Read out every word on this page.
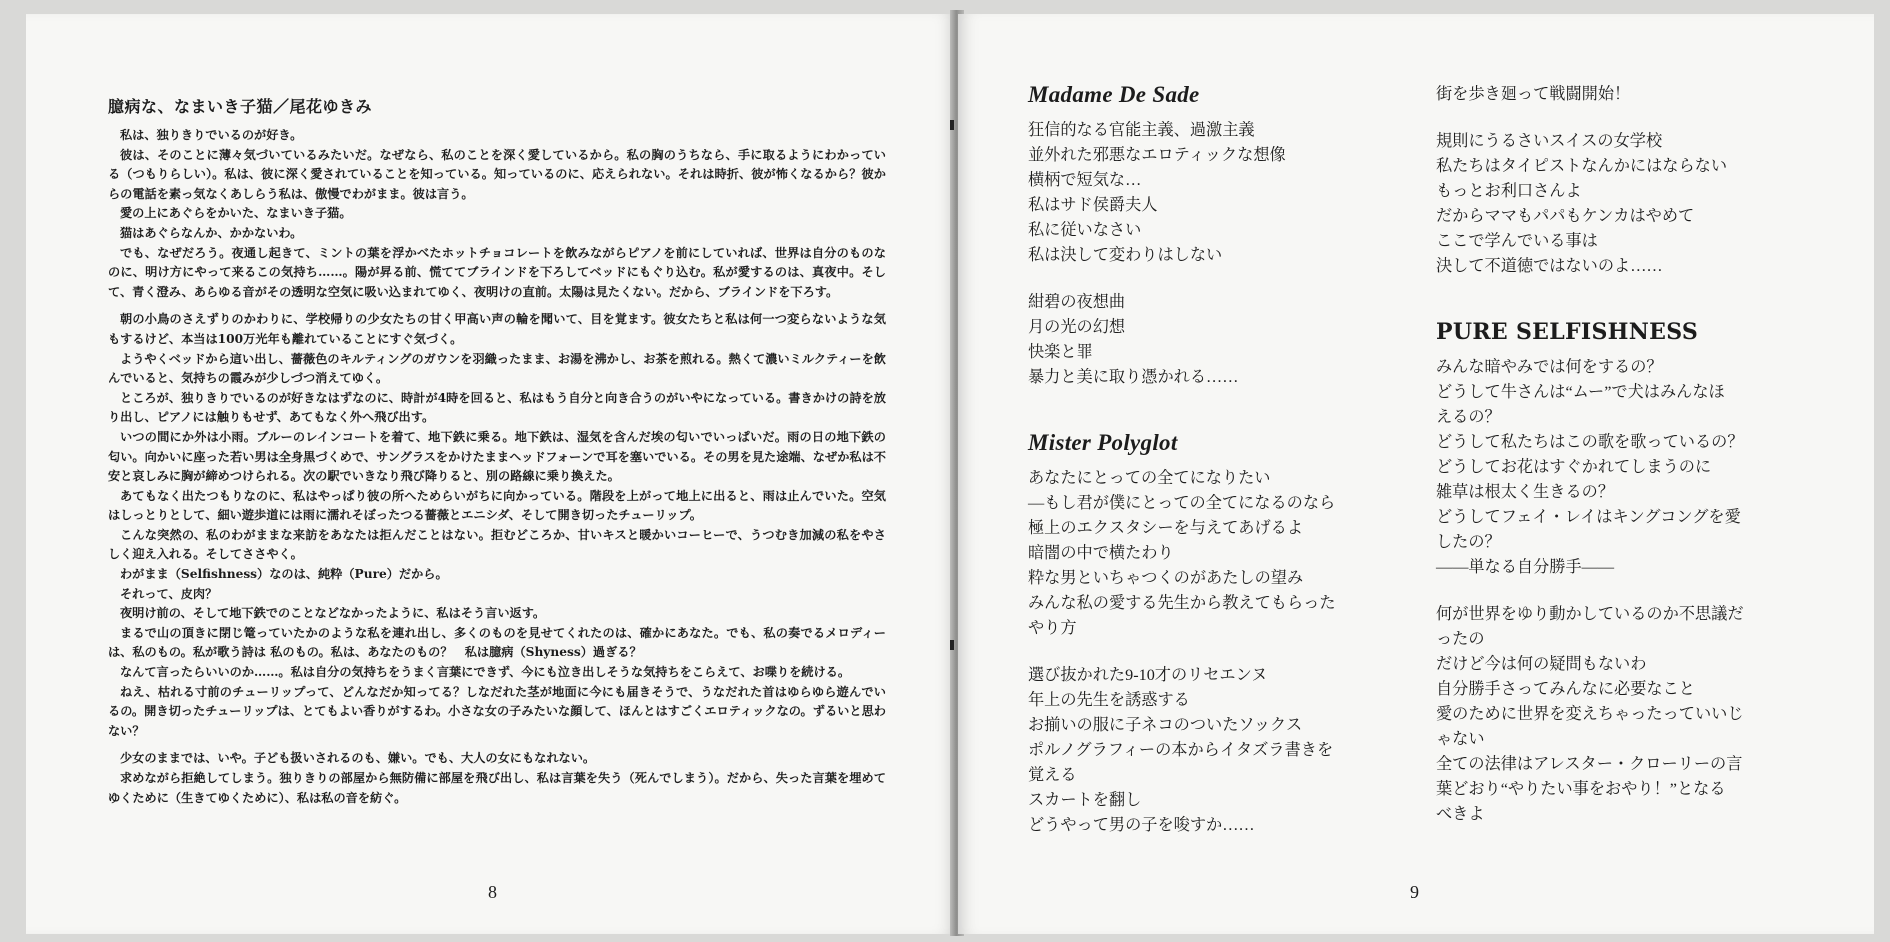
臆病な、なまいき子猫／尾花ゆきみ

私は、独りきりでいるのが好き。

彼は、そのことに薄々気づいているみたいだ。なぜなら、私のことを深く愛しているから。私の胸のうちなら、手に取るようにわかっている（つもりらしい）。私は、彼に深く愛されていることを知っている。知っているのに、応えられない。それは時折、彼が怖くなるから？彼からの電話を素っ気なくあしらう私は、傲慢でわがまま。彼は言う。

愛の上にあぐらをかいた、なまいき子猫。

猫はあぐらなんか、かかないわ。

でも、なぜだろう。夜通し起きて、ミントの葉を浮かべたホットチョコレートを飲みながらピアノを前にしていれば、世界は自分のものなのに、明け方にやって来るこの気持ち……。陽が昇る前、慌ててブラインドを下ろしてベッドにもぐり込む。私が愛するのは、真夜中。そして、青く澄み、あらゆる音がその透明な空気に吸い込まれてゆく、夜明けの直前。太陽は見たくない。だから、ブラインドを下ろす。

朝の小鳥のさえずりのかわりに、学校帰りの少女たちの甘く甲高い声の輪を聞いて、目を覚ます。彼女たちと私は何一つ変らないような気もするけど、本当は100万光年も離れていることにすぐ気づく。

ようやくベッドから這い出し、薔薇色のキルティングのガウンを羽織ったまま、お湯を沸かし、お茶を煎れる。熱くて濃いミルクティーを飲んでいると、気持ちの霞みが少しづつ消えてゆく。

ところが、独りきりでいるのが好きなはずなのに、時計が4時を回ると、私はもう自分と向き合うのがいやになっている。書きかけの詩を放り出し、ピアノには触りもせず、あてもなく外へ飛び出す。

いつの間にか外は小雨。ブルーのレインコートを着て、地下鉄に乗る。地下鉄は、湿気を含んだ埃の匂いでいっぱいだ。雨の日の地下鉄の匂い。向かいに座った若い男は全身黒づくめで、サングラスをかけたままヘッドフォーンで耳を塞いでいる。その男を見た途端、なぜか私は不安と哀しみに胸が締めつけられる。次の駅でいきなり飛び降りると、別の路線に乗り換えた。

あてもなく出たつもりなのに、私はやっぱり彼の所へためらいがちに向かっている。階段を上がって地上に出ると、雨は止んでいた。空気はしっとりとして、細い遊歩道には雨に濡れそぼったつる薔薇とエニシダ、そして開き切ったチューリップ。

こんな突然の、私のわがままな来訪をあなたは拒んだことはない。拒むどころか、甘いキスと暖かいコーヒーで、うつむき加減の私をやさしく迎え入れる。そしてささやく。

わがまま（Selfishness）なのは、純粋（Pure）だから。

それって、皮肉？

夜明け前の、そして地下鉄でのことなどなかったように、私はそう言い返す。

まるで山の頂きに閉じ篭っていたかのような私を連れ出し、多くのものを見せてくれたのは、確かにあなた。でも、私の奏でるメロディーは、私のもの。私が歌う詩は 私のもの。私は、あなたのもの？　私は臆病（Shyness）過ぎる？

なんて言ったらいいのか……。私は自分の気持ちをうまく言葉にできず、今にも泣き出しそうな気持ちをこらえて、お喋りを続ける。

ねえ、枯れる寸前のチューリップって、どんなだか知ってる？しなだれた茎が地面に今にも届きそうで、うなだれた首はゆらゆら遊んでいるの。開き切ったチューリップは、とてもよい香りがするわ。小さな女の子みたいな顔して、ほんとはすごくエロティックなの。ずるいと思わない？

少女のままでは、いや。子ども扱いされるのも、嫌い。でも、大人の女にもなれない。

求めながら拒絶してしまう。独りきりの部屋から無防備に部屋を飛び出し、私は言葉を失う（死んでしまう）。だから、失った言葉を埋めてゆくために（生きてゆくために）、私は私の音を紡ぐ。

8
Madame De Sade

狂信的なる官能主義、過激主義

並外れた邪悪なエロティックな想像

横柄で短気な…

私はサド侯爵夫人

私に従いなさい

私は決して変わりはしない

紺碧の夜想曲

月の光の幻想

快楽と罪

暴力と美に取り憑かれる……

Mister Polyglot

あなたにとっての全てになりたい

—もし君が僕にとっての全てになるのなら

極上のエクスタシーを与えてあげるよ

暗闇の中で横たわり

粋な男といちゃつくのがあたしの望み

みんな私の愛する先生から教えてもらった

やり方

選び抜かれた9-10才のリセエンヌ

年上の先生を誘惑する

お揃いの服に子ネコのついたソックス

ポルノグラフィーの本からイタズラ書きを

覚える

スカートを翻し

どうやって男の子を唆すか……

街を歩き廻って戦闘開始！

規則にうるさいスイスの女学校

私たちはタイピストなんかにはならない

もっとお利口さんよ

だからママもパパもケンカはやめて

ここで学んでいる事は

決して不道徳ではないのよ……

PURE SELFISHNESS

みんな暗やみでは何をするの？

どうして牛さんは“ムー”で犬はみんなほ

えるの？

どうして私たちはこの歌を歌っているの？

どうしてお花はすぐかれてしまうのに

雑草は根太く生きるの？

どうしてフェイ・レイはキングコングを愛

したの？

——単なる自分勝手——

何が世界をゆり動かしているのか不思議だ

ったの

だけど今は何の疑問もないわ

自分勝手さってみんなに必要なこと

愛のために世界を変えちゃったっていいじ

ゃない

全ての法律はアレスター・クローリーの言

葉どおり“やりたい事をおやり！”となる

べきよ

9
